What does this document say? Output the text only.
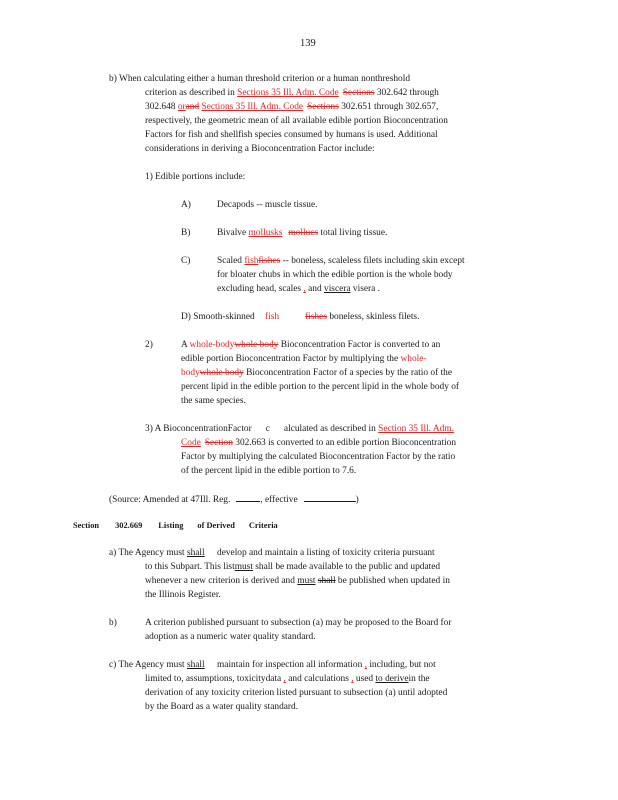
139
b) When calculating either a human threshold criterion or a human nonthreshold
criterion as described in Sections 35 Ill. Adm. Code Sections 302.642 through
302.648 orand Sections 35 Ill. Adm. Code Sections 302.651 through 302.657,
respectively, the geometric mean of all available edible portion Bioconcentration
Factors for fish and shellfish species consumed by humans is used. Additional
considerations in deriving a Bioconcentration Factor include:
1) Edible portions include:
A)	Decapods -- muscle tissue.
B)	Bivalve mollusks mollucs total living tissue.
C)	Scaled fishfishes -- boneless, scaleless filets including skin except
for bloater chubs in which the edible portion is the whole body
excluding head, scales , and viscera visera .
D) Smooth-skinned fish	fishes boneless, skinless filets.
2)	A whole-bodywhole body Bioconcentration Factor is converted to an
edible portion Bioconcentration Factor by multiplying the whole-
bodywhole body Bioconcentration Factor of a species by the ratio of the
percent lipid in the edible portion to the percent lipid in the whole body of
the same species.
3) A BioconcentrationFactor c alculated as described in Section 35 Ill. Adm.
Code Section 302.663 is converted to an edible portion Bioconcentration
Factor by multiplying the calculated Bioconcentration Factor by the ratio
of the percent lipid in the edible portion to 7.6.
(Source: Amended at 47Ill. Reg.	, effective	)
Section 302.669 Listing of Derived Criteria
a) The Agency must shall develop and maintain a listing of toxicity criteria pursuant
to this Subpart. This listmust shall be made available to the public and updated
whenever a new criterion is derived and must shall be published when updated in
the Illinois Register.
b)	A criterion published pursuant to subsection (a) may be proposed to the Board for
adoption as a numeric water quality standard.
c) The Agency must shall maintain for inspection all information , including, but not
limited to, assumptions, toxicitydata , and calculations , used to derivein the
derivation of any toxicity criterion listed pursuant to subsection (a) until adopted
by the Board as a water quality standard.
